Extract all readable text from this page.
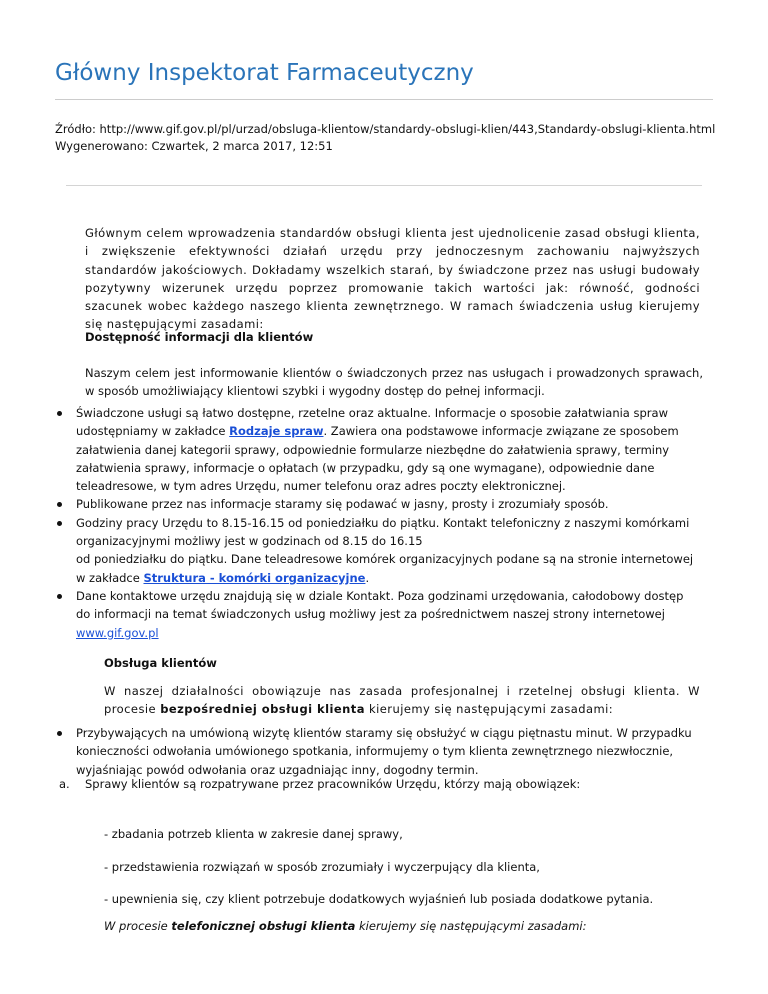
Główny Inspektorat Farmaceutyczny
Źródło: http://www.gif.gov.pl/pl/urzad/obsluga-klientow/standardy-obslugi-klien/443,Standardy-obslugi-klienta.html
Wygenerowano: Czwartek, 2 marca 2017, 12:51

Głównym celem wprowadzenia standardów obsługi klienta jest ujednolicenie zasad obsługi klienta, i zwiększenie efektywności działań urzędu przy jednoczesnym zachowaniu najwyższych standardów jakościowych. Dokładamy wszelkich starań, by świadczone przez nas usługi budowały pozytywny wizerunek urzędu poprzez promowanie takich wartości jak: równość, godności szacunek wobec każdego naszego klienta zewnętrznego. W ramach świadczenia usług kierujemy się następującymi zasadami:

Dostępność informacji dla klientów

Naszym celem jest informowanie klientów o świadczonych przez nas usługach i prowadzonych sprawach, w sposób umożliwiający klientowi szybki i wygodny dostęp do pełnej informacji.

Świadczone usługi są łatwo dostępne, rzetelne oraz aktualne. Informacje o sposobie załatwiania spraw udostępniamy w zakładce Rodzaje spraw. Zawiera ona podstawowe informacje związane ze sposobem załatwienia danej kategorii sprawy, odpowiednie formularze niezbędne do załatwienia sprawy, terminy załatwienia sprawy, informacje o opłatach (w przypadku, gdy są one wymagane), odpowiednie dane teleadresowe, w tym adres Urzędu, numer telefonu oraz adres poczty elektronicznej.
Publikowane przez nas informacje staramy się podawać w jasny, prosty i zrozumiały sposób.
Godziny pracy Urzędu to 8.15-16.15 od poniedziałku do piątku. Kontakt telefoniczny z naszymi komórkami organizacyjnymi możliwy jest w godzinach od 8.15 do 16.15
od poniedziałku do piątku. Dane teleadresowe komórek organizacyjnych podane są na stronie internetowej w zakładce Struktura - komórki organizacyjne.
Dane kontaktowe urzędu znajdują się w dziale Kontakt. Poza godzinami urzędowania, całodobowy dostęp do informacji na temat świadczonych usług możliwy jest za pośrednictwem naszej strony internetowej www.gif.gov.pl

Obsługa klientów

W naszej działalności obowiązuje nas zasada profesjonalnej i rzetelnej obsługi klienta. W procesie bezpośredniej obsługi klienta kierujemy się następującymi zasadami:

Przybywających na umówioną wizytę klientów staramy się obsłużyć w ciągu piętnastu minut. W przypadku konieczności odwołania umówionego spotkania, informujemy o tym klienta zewnętrznego niezwłocznie, wyjaśniając powód odwołania oraz uzgadniając inny, dogodny termin.
a. Sprawy klientów są rozpatrywane przez pracowników Urzędu, którzy mają obowiązek:

- zbadania potrzeb klienta w zakresie danej sprawy,

- przedstawienia rozwiązań w sposób zrozumiały i wyczerpujący dla klienta,

- upewnienia się, czy klient potrzebuje dodatkowych wyjaśnień lub posiada dodatkowe pytania.

W procesie telefonicznej obsługi klienta kierujemy się następującymi zasadami:
